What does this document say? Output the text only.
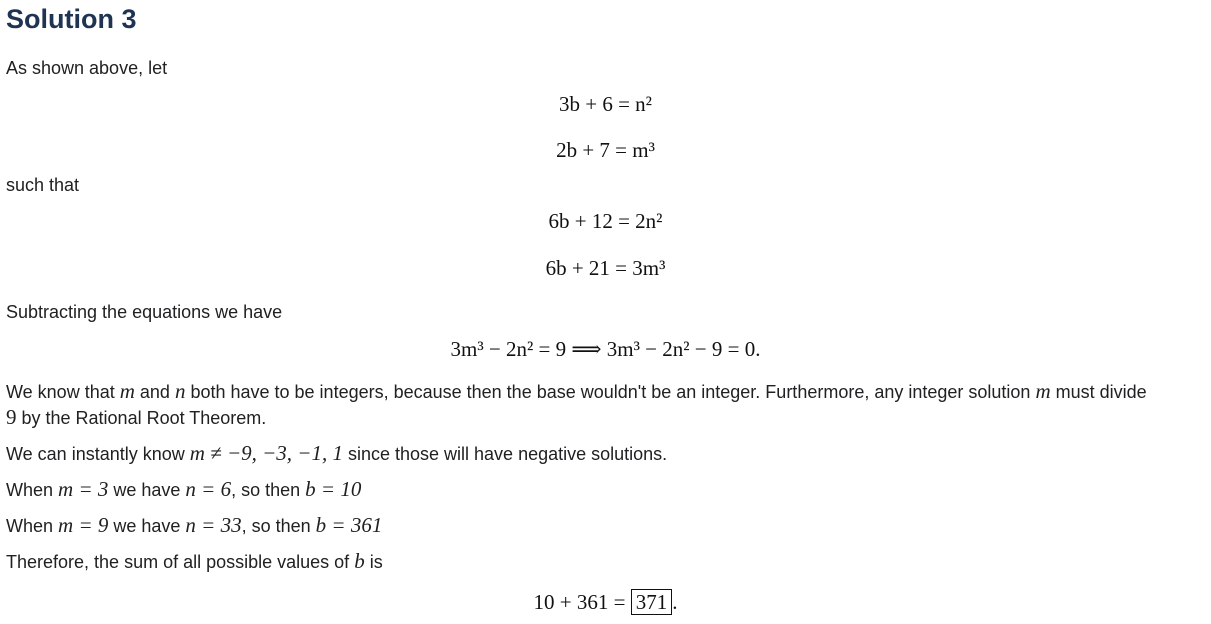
Solution 3
As shown above, let
3b + 6 = n²
2b + 7 = m³
such that
6b + 12 = 2n²
6b + 21 = 3m³
Subtracting the equations we have
3m³ − 2n² = 9 ⟹ 3m³ − 2n² − 9 = 0.
We know that m and n both have to be integers, because then the base wouldn't be an integer. Furthermore, any integer solution m must divide
9 by the Rational Root Theorem.
We can instantly know m ≠ −9, −3, −1, 1 since those will have negative solutions.
When m = 3 we have n = 6, so then b = 10
When m = 9 we have n = 33, so then b = 361
Therefore, the sum of all possible values of b is
10 + 361 = 371 .
